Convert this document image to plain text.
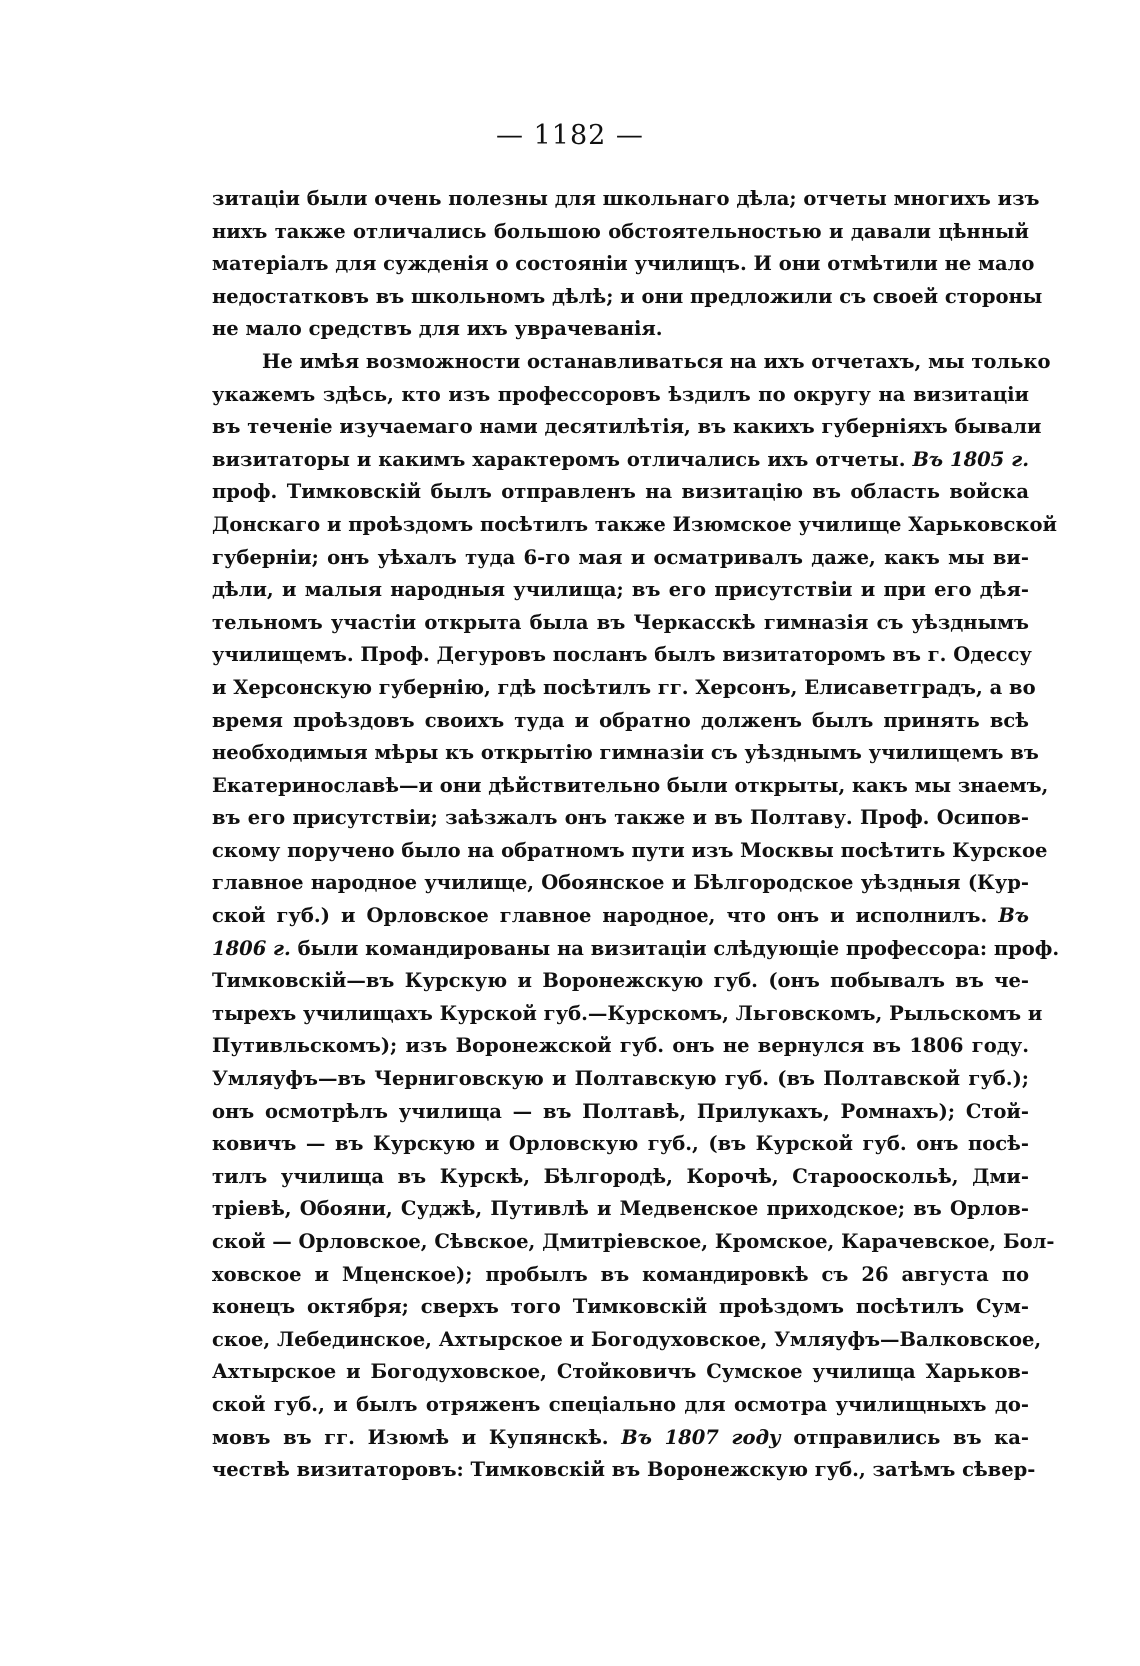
— 1182 —
зитаціи были очень полезны для школьнаго дѣла; отчеты многихъ изъ
нихъ также отличались большою обстоятельностью и давали цѣнный
матеріалъ для сужденія о состояніи училищъ. И они отмѣтили не мало
недостатковъ въ школьномъ дѣлѣ; и они предложили съ своей стороны
не мало средствъ для ихъ уврачеванія.
Не имѣя возможности останавливаться на ихъ отчетахъ, мы только
укажемъ здѣсь, кто изъ профессоровъ ѣздилъ по округу на визитаціи
въ теченіе изучаемаго нами десятилѣтія, въ какихъ губерніяхъ бывали
визитаторы и какимъ характеромъ отличались ихъ отчеты. Въ 1805 г.
проф. Тимковскій былъ отправленъ на визитацію въ область войска
Донскаго и проѣздомъ посѣтилъ также Изюмское училище Харьковской
губерніи; онъ уѣхалъ туда 6-го мая и осматривалъ даже, какъ мы ви-
дѣли, и малыя народныя училища; въ его присутствіи и при его дѣя-
тельномъ участіи открыта была въ Черкасскѣ гимназія съ уѣзднымъ
училищемъ. Проф. Дегуровъ посланъ былъ визитаторомъ въ г. Одессу
и Херсонскую губернію, гдѣ посѣтилъ гг. Херсонъ, Елисаветградъ, а во
время проѣздовъ своихъ туда и обратно долженъ былъ принять всѣ
необходимыя мѣры къ открытію гимназіи съ уѣзднымъ училищемъ въ
Екатеринославѣ—и они дѣйствительно были открыты, какъ мы знаемъ,
въ его присутствіи; заѣзжалъ онъ также и въ Полтаву. Проф. Осипов-
скому поручено было на обратномъ пути изъ Москвы посѣтить Курское
главное народное училище, Обоянское и Бѣлгородское уѣздныя (Кур-
ской губ.) и Орловское главное народное, что онъ и исполнилъ. Въ
1806 г. были командированы на визитаціи слѣдующіе профессора: проф.
Тимковскій—въ Курскую и Воронежскую губ. (онъ побывалъ въ че-
тырехъ училищахъ Курской губ.—Курскомъ, Льговскомъ, Рыльскомъ и
Путивльскомъ); изъ Воронежской губ. онъ не вернулся въ 1806 году.
Умляуфъ—въ Черниговскую и Полтавскую губ. (въ Полтавской губ.);
онъ осмотрѣлъ училища — въ Полтавѣ, Прилукахъ, Ромнахъ); Стой-
ковичъ — въ Курскую и Орловскую губ., (въ Курской губ. онъ посѣ-
тилъ училища въ Курскѣ, Бѣлгородѣ, Корочѣ, Старооскольѣ, Дми-
тріевѣ, Обояни, Суджѣ, Путивлѣ и Медвенское приходское; въ Орлов-
ской — Орловское, Сѣвское, Дмитріевское, Кромское, Карачевское, Бол-
ховское и Мценское); пробылъ въ командировкѣ съ 26 августа по
конецъ октября; сверхъ того Тимковскій проѣздомъ посѣтилъ Сум-
ское, Лебединское, Ахтырское и Богодуховское, Умляуфъ—Валковское,
Ахтырское и Богодуховское, Стойковичъ Сумское училища Харьков-
ской губ., и былъ отряженъ спеціально для осмотра училищныхъ до-
мовъ въ гг. Изюмѣ и Купянскѣ. Въ 1807 году отправились въ ка-
чествѣ визитаторовъ: Тимковскій въ Воронежскую губ., затѣмъ сѣвер-
